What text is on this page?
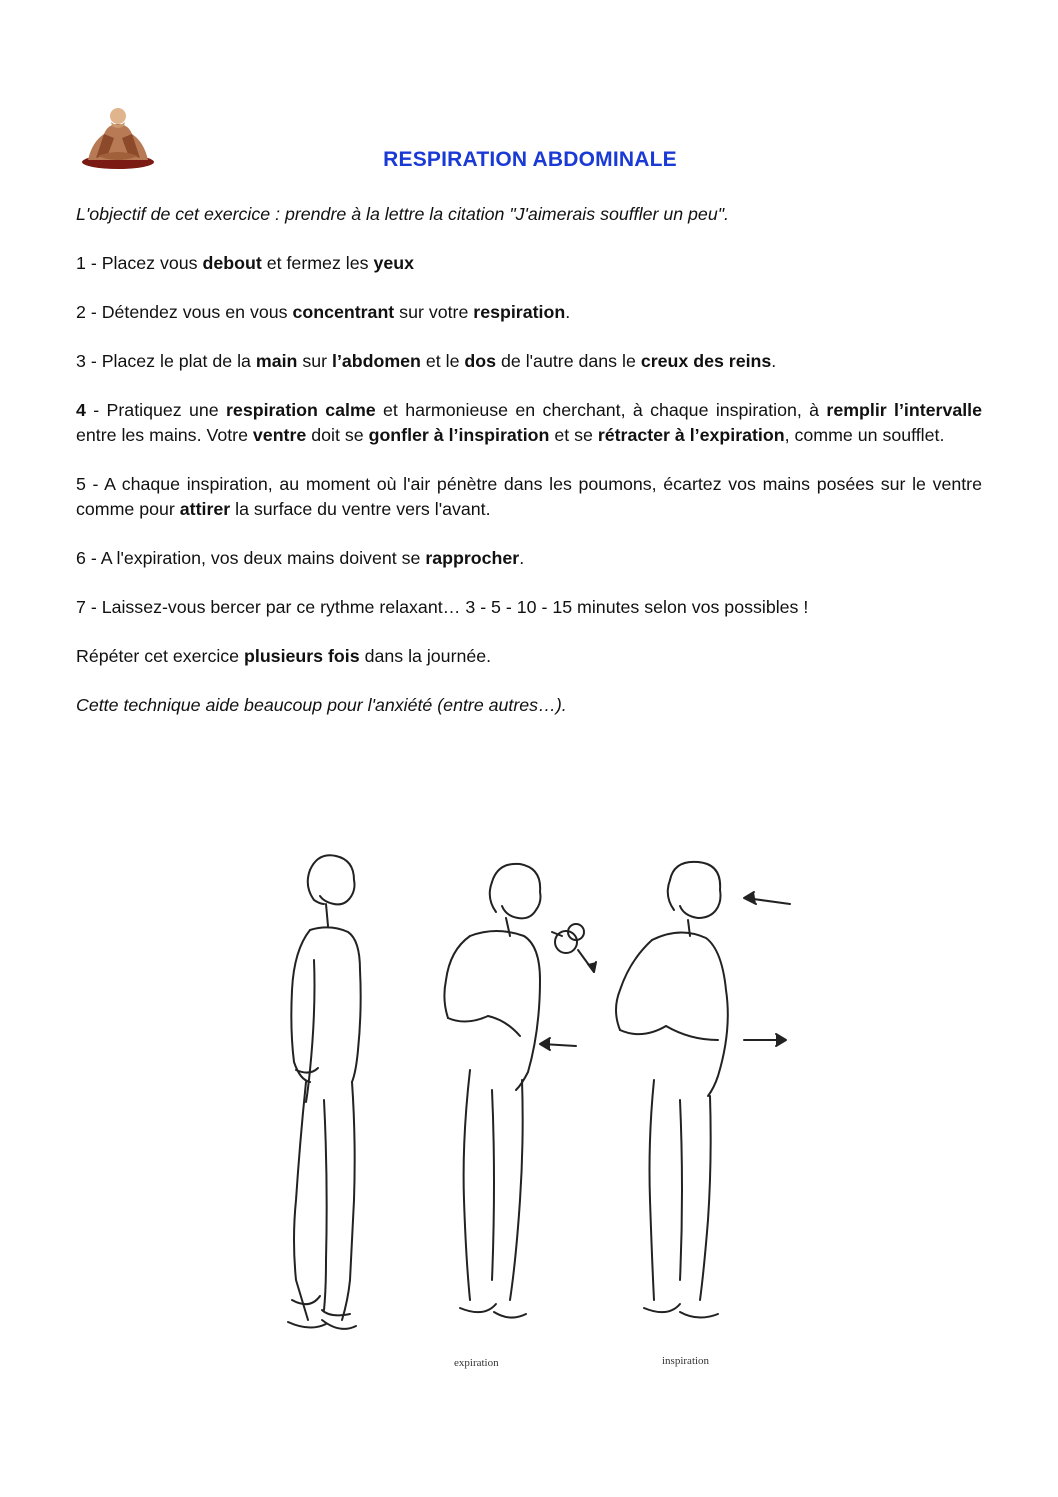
RESPIRATION ABDOMINALE

L'objectif de cet exercice : prendre à la lettre la citation "J'aimerais souffler un peu".

1 - Placez vous debout et fermez les yeux

2 - Détendez vous en vous concentrant sur votre respiration.

3 - Placez le plat de la main sur l’abdomen et le dos de l'autre dans le creux des reins.

4 - Pratiquez une respiration calme et harmonieuse en cherchant, à chaque inspiration, à remplir l’intervalle entre les mains. Votre ventre doit se gonfler à l’inspiration et se rétracter à l’expiration, comme un soufflet.

5 - A chaque inspiration, au moment où l'air pénètre dans les poumons, écartez vos mains posées sur le ventre comme pour attirer la surface du ventre vers l'avant.

6 - A l'expiration, vos deux mains doivent se rapprocher.

7 - Laissez-vous bercer par ce rythme relaxant… 3 - 5 - 10 - 15 minutes selon vos possibles !

Répéter cet exercice plusieurs fois dans la journée.

Cette technique aide beaucoup pour l'anxiété (entre autres…).

expiration	inspiration
